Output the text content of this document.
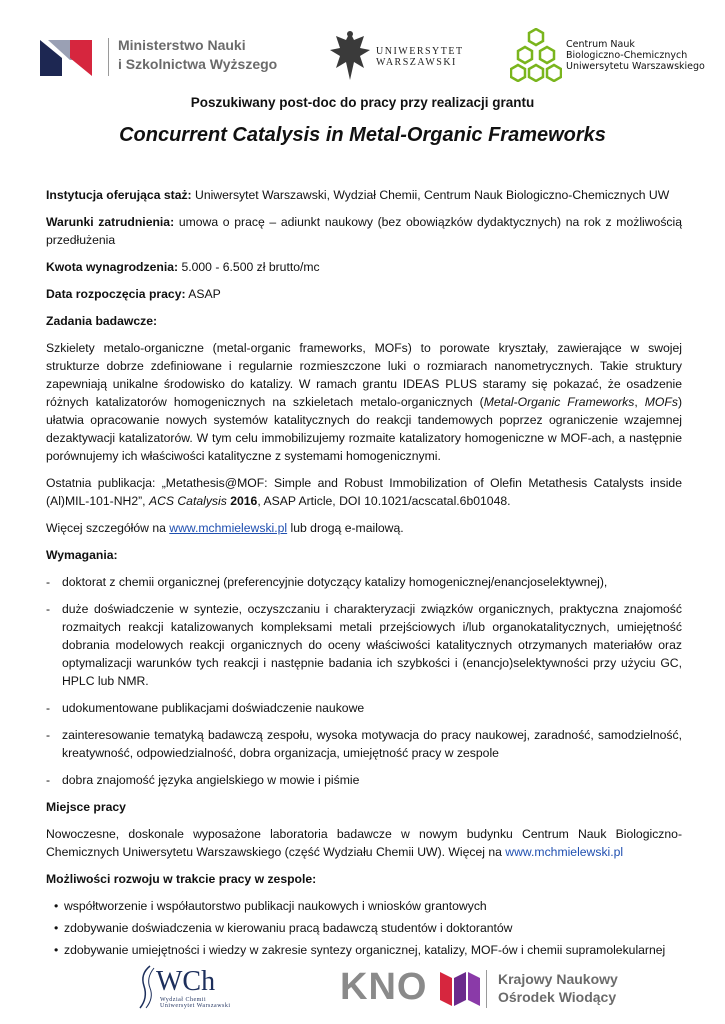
Ministerstwo Nauki
i Szkolnictwa Wyższego
UNIWERSYTET
WARSZAWSKI
Centrum Nauk
Biologiczno-Chemicznych
Uniwersytetu Warszawskiego
Poszukiwany post-doc do pracy przy realizacji grantu
Concurrent Catalysis in Metal-Organic Frameworks

Instytucja oferująca staż: Uniwersytet Warszawski, Wydział Chemii, Centrum Nauk Biologiczno-Chemicznych UW

Warunki zatrudnienia: umowa o pracę – adiunkt naukowy (bez obowiązków dydaktycznych) na rok z możliwością przedłużenia

Kwota wynagrodzenia: 5.000 - 6.500 zł brutto/mc

Data rozpoczęcia pracy: ASAP

Zadania badawcze:

Szkielety metalo-organiczne (metal-organic frameworks, MOFs) to porowate kryształy, zawierające w swojej strukturze dobrze zdefiniowane i regularnie rozmieszczone luki o rozmiarach nanometrycznych. Takie struktury zapewniają unikalne środowisko do katalizy. W ramach grantu IDEAS PLUS staramy się pokazać, że osadzenie różnych katalizatorów homogenicznych na szkieletach metalo-organicznych (Metal-Organic Frameworks, MOFs) ułatwia opracowanie nowych systemów katalitycznych do reakcji tandemowych poprzez ograniczenie wzajemnej dezaktywacji katalizatorów. W tym celu immobilizujemy rozmaite katalizatory homogeniczne w MOF-ach, a następnie porównujemy ich właściwości katalityczne z systemami homogenicznymi.

Ostatnia publikacja: „Metathesis@MOF: Simple and Robust Immobilization of Olefin Metathesis Catalysts inside (Al)MIL-101-NH2”, ACS Catalysis 2016, ASAP Article, DOI 10.1021/acscatal.6b01048.

Więcej szczegółów na www.mchmielewski.pl lub drogą e-mailową.

Wymagania:

- doktorat z chemii organicznej (preferencyjnie dotyczący katalizy homogenicznej/enancjoselektywnej),
- duże doświadczenie w syntezie, oczyszczaniu i charakteryzacji związków organicznych, praktyczna znajomość rozmaitych reakcji katalizowanych kompleksami metali przejściowych i/lub organokatalitycznych, umiejętność dobrania modelowych reakcji organicznych do oceny właściwości katalitycznych otrzymanych materiałów oraz optymalizacji warunków tych reakcji i następnie badania ich szybkości i (enancjo)selektywności przy użyciu GC, HPLC lub NMR.
- udokumentowane publikacjami doświadczenie naukowe
- zainteresowanie tematyką badawczą zespołu, wysoka motywacja do pracy naukowej, zaradność, samodzielność, kreatywność, odpowiedzialność, dobra organizacja, umiejętność pracy w zespole
- dobra znajomość języka angielskiego w mowie i piśmie

Miejsce pracy

Nowoczesne, doskonale wyposażone laboratoria badawcze w nowym budynku Centrum Nauk Biologiczno-Chemicznych Uniwersytetu Warszawskiego (część Wydziału Chemii UW). Więcej na www.mchmielewski.pl

Możliwości rozwoju w trakcie pracy w zespole:

• współtworzenie i współautorstwo publikacji naukowych i wniosków grantowych
• zdobywanie doświadczenia w kierowaniu pracą badawczą studentów i doktorantów
• zdobywanie umiejętności i wiedzy w zakresie syntezy organicznej, katalizy, MOF-ów i chemii supramolekularnej
WCh
Wydział Chemii
Uniwersytet Warszawski	KNO	Krajowy Naukowy
Ośrodek Wiodący
